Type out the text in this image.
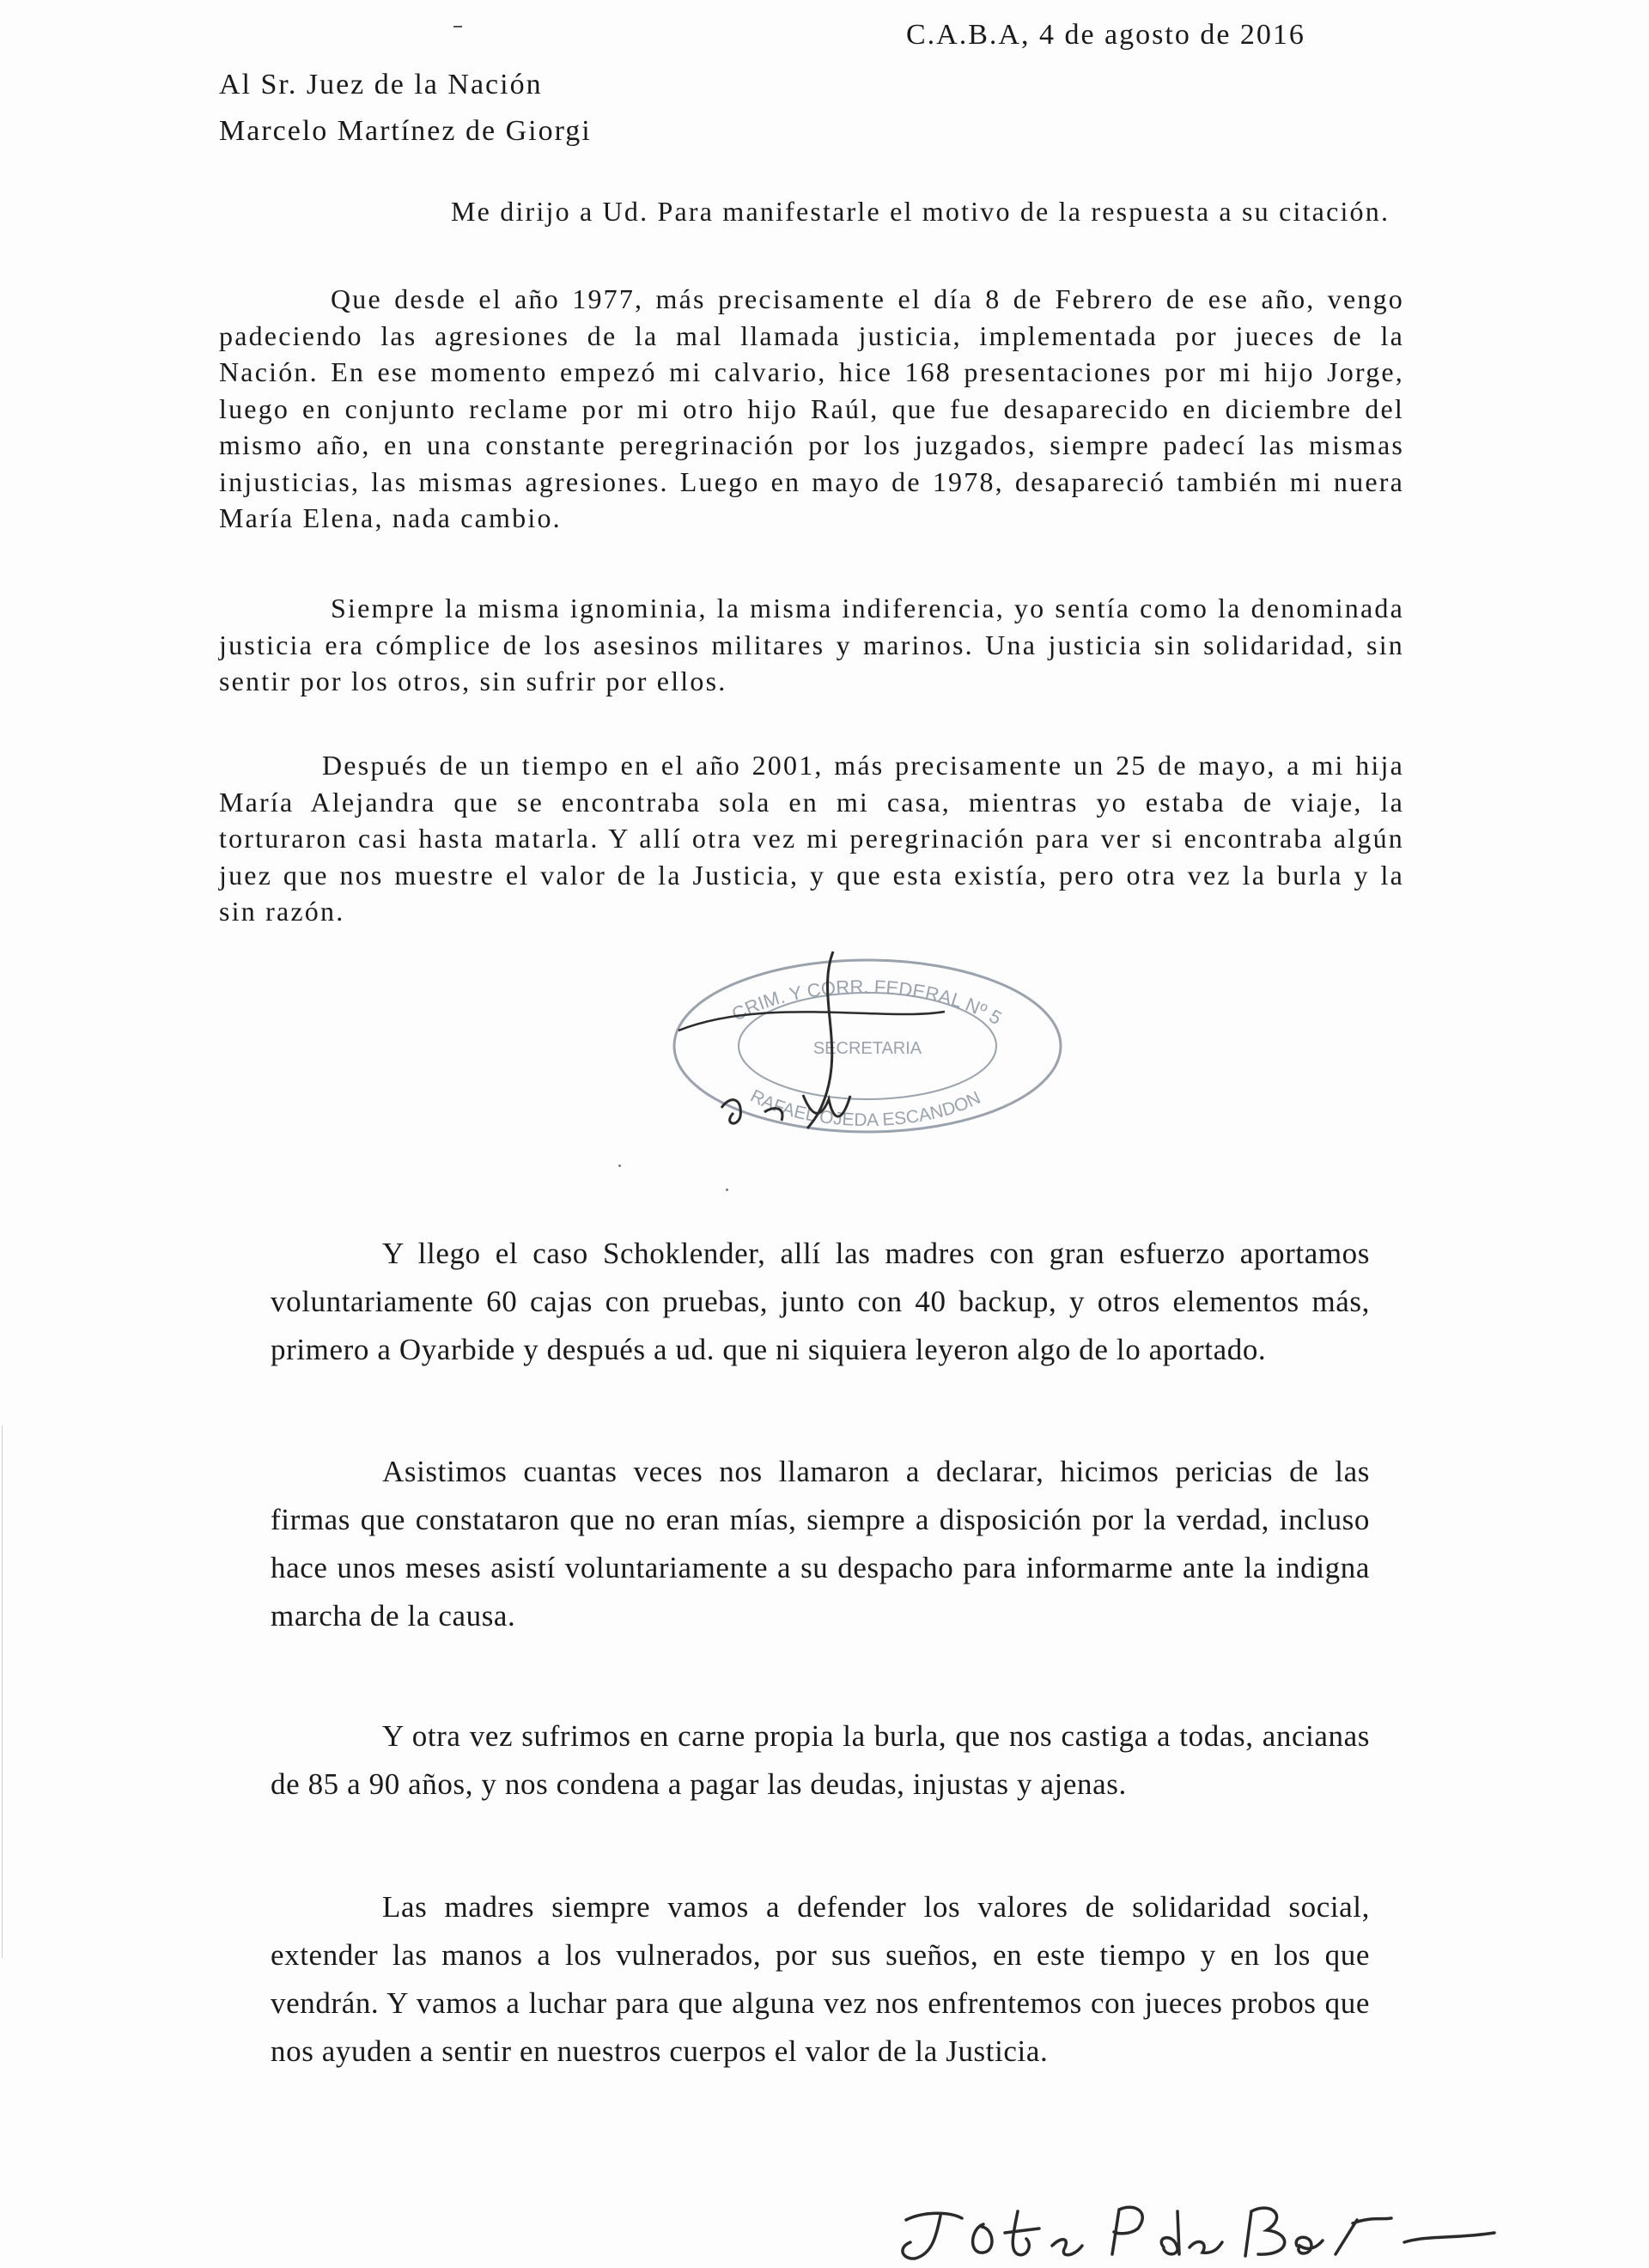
C.A.B.A, 4 de agosto de 2016
Al Sr. Juez de la Nación
Marcelo Martínez de Giorgi

Me dirijo a Ud. Para manifestarle el motivo de la respuesta a su citación.

Que desde el año 1977, más precisamente el día 8 de Febrero de ese año, vengo padeciendo las agresiones de la mal llamada justicia, implementada por jueces de la Nación. En ese momento empezó mi calvario, hice 168 presentaciones por mi hijo Jorge, luego en conjunto reclame por mi otro hijo Raúl, que fue desaparecido en diciembre del mismo año, en una constante peregrinación por los juzgados, siempre padecí las mismas injusticias, las mismas agresiones. Luego en mayo de 1978, desapareció también mi nuera María Elena, nada cambio.

Siempre la misma ignominia, la misma indiferencia, yo sentía como la denominada justicia era cómplice de los asesinos militares y marinos. Una justicia sin solidaridad, sin sentir por los otros, sin sufrir por ellos.

Después de un tiempo en el año 2001, más precisamente un 25 de mayo, a mi hija María Alejandra que se encontraba sola en mi casa, mientras yo estaba de viaje, la torturaron casi hasta matarla. Y allí otra vez mi peregrinación para ver si encontraba algún juez que nos muestre el valor de la Justicia, y que esta existía, pero otra vez la burla y la sin razón.

CRIM. Y CORR. FEDERAL Nº 5
SECRETARIA
RAFAEL OJEDA ESCANDON

Y llego el caso Schoklender, allí las madres con gran esfuerzo aportamos voluntariamente 60 cajas con pruebas, junto con 40 backup, y otros elementos más, primero a Oyarbide y después a ud. que ni siquiera leyeron algo de lo aportado.

Asistimos cuantas veces nos llamaron a declarar, hicimos pericias de las firmas que constataron que no eran mías, siempre a disposición por la verdad, incluso hace unos meses asistí voluntariamente a su despacho para informarme ante la indigna marcha de la causa.

Y otra vez sufrimos en carne propia la burla, que nos castiga a todas, ancianas de 85 a 90 años, y nos condena a pagar las deudas, injustas y ajenas.

Las madres siempre vamos a defender los valores de solidaridad social, extender las manos a los vulnerados, por sus sueños, en este tiempo y en los que vendrán. Y vamos a luchar para que alguna vez nos enfrentemos con jueces probos que nos ayuden a sentir en nuestros cuerpos el valor de la Justicia.
